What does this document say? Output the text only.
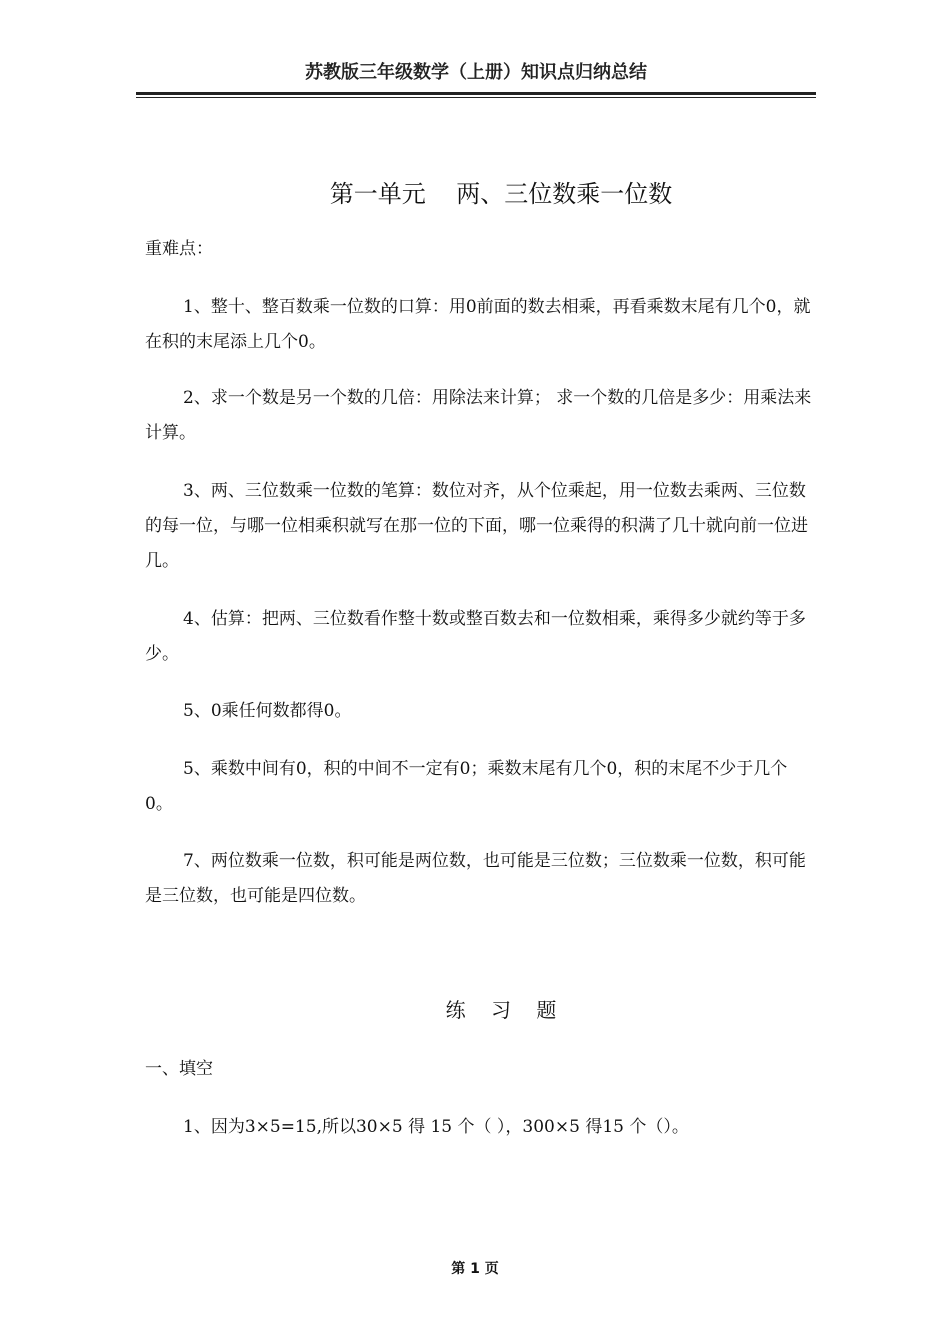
苏教版三年级数学（上册）知识点归纳总结
第一单元    两、三位数乘一位数

重难点：

1、整十、整百数乘一位数的口算：用0前面的数去相乘，再看乘数末尾有几个0，就在积的末尾添上几个0。

2、求一个数是另一个数的几倍：用除法来计算； 求一个数的几倍是多少：用乘法来计算。

3、两、三位数乘一位数的笔算：数位对齐，从个位乘起，用一位数去乘两、三位数的每一位，与哪一位相乘积就写在那一位的下面，哪一位乘得的积满了几十就向前一位进几。

4、估算：把两、三位数看作整十数或整百数去和一位数相乘，乘得多少就约等于多少。

5、0乘任何数都得0。

5、乘数中间有0，积的中间不一定有0；乘数末尾有几个0，积的末尾不少于几个0。

7、两位数乘一位数，积可能是两位数，也可能是三位数；三位数乘一位数，积可能是三位数，也可能是四位数。

练    习    题

一、填空

1、因为3×5=15,所以30×5 得 15 个（ ），300×5 得15 个（）。

第 1 页
